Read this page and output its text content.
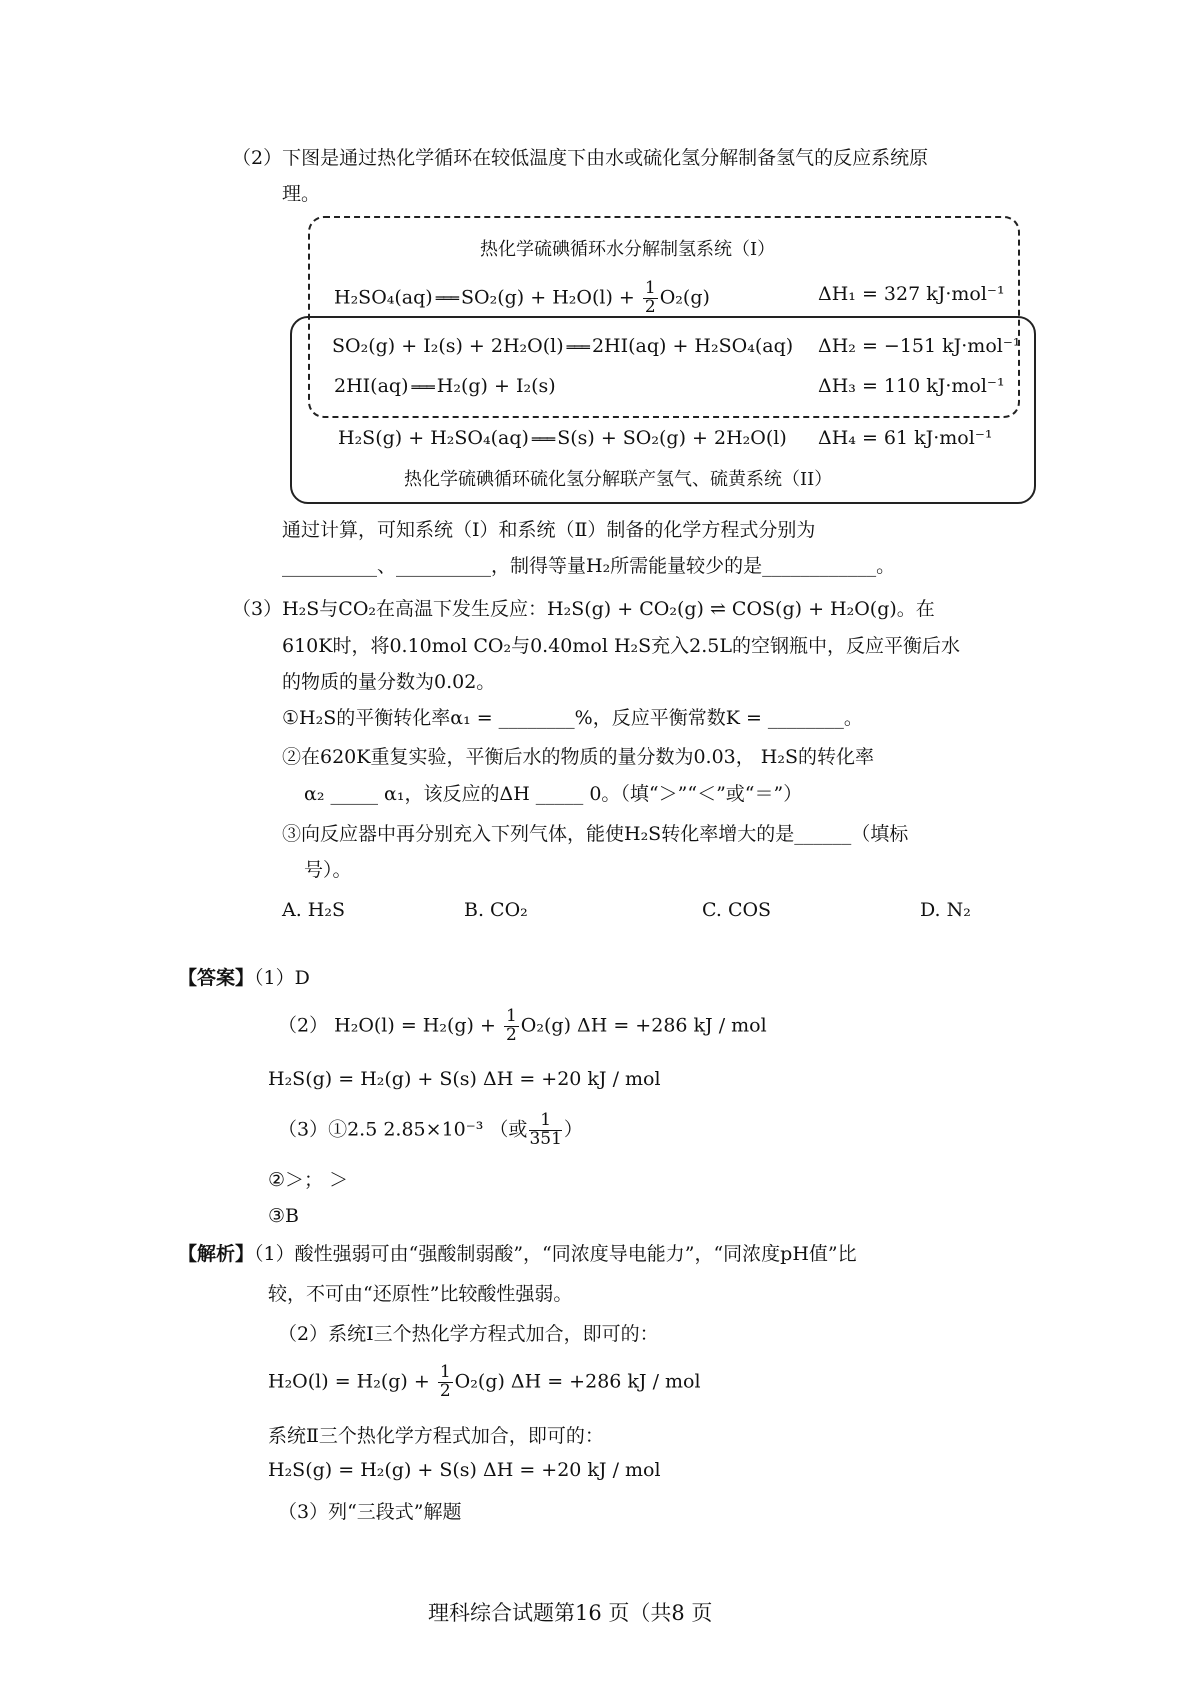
（2）下图是通过热化学循环在较低温度下由水或硫化氢分解制备氢气的反应系统原
理。
热化学硫碘循环水分解制氢系统（I）
H₂SO₄(aq) ═══ $SO_2(g) + H_2O(l) + \frac{1}{2} O_2(g)$	ΔH₁ = 327 kJ·mol⁻¹
SO₂(g) + I₂(s) + 2H₂O(l) ═══ 2HI(aq) + H₂SO₄(aq) ΔH₂ = −151 kJ·mol⁻¹
2HI(aq) ═══ H₂(g) + I₂(s)	ΔH₃ = 110 kJ·mol⁻¹
H₂S(g) + H₂SO₄(aq) ═══ S(s) + SO₂(g) + 2H₂O(l) ΔH₄ = 61 kJ·mol⁻¹
热化学硫碘循环硫化氢分解联产氢气、硫黄系统（II）
通过计算，可知系统（Ⅰ）和系统（Ⅱ）制备的化学方程式分别为
__________、__________，制得等量H₂所需能量较少的是____________。
（3）H₂S与CO₂在高温下发生反应：H₂S(g) + CO₂(g) ⇌ COS(g) + H₂O(g)。在
610K时，将0.10mol CO₂与0.40mol H₂S充入2.5L的空钢瓶中，反应平衡后水
的物质的量分数为0.02。
①H₂S的平衡转化率α₁ = ________%，反应平衡常数K = ________。
②在620K重复实验，平衡后水的物质的量分数为0.03， H₂S的转化率
α₂ _____ α₁，该反应的ΔH _____ 0。（填“＞”“＜”或“＝”）
③向反应器中再分别充入下列气体，能使H₂S转化率增大的是______（填标
号）。
A. H₂S	B. CO₂	C. COS	D. N₂
【答案】（1）D
（2） $H_2O(l) = H_2(g) + \frac{1}{2} O_2(g) \Delta H = +286$ kJ / mol
H₂S(g) = H₂(g) + S(s) ΔH = +20 kJ / mol
（3）①2.5 2.85×10⁻³ （或 $\frac{1}{351}$ ）
②＞； ＞
③B
【解析】（1）酸性强弱可由“强酸制弱酸”，“同浓度导电能力”，“同浓度pH值”比
较，不可由“还原性”比较酸性强弱。
（2）系统Ⅰ三个热化学方程式加合，即可的：
$H_2O(l) = H_2(g) + \frac{1}{2} O_2(g) \Delta H = +286$ kJ / mol
系统Ⅱ三个热化学方程式加合，即可的：
H₂S(g) = H₂(g) + S(s) ΔH = +20 kJ / mol
（3）列“三段式”解题
理科综合试题第16 页（共8 页
